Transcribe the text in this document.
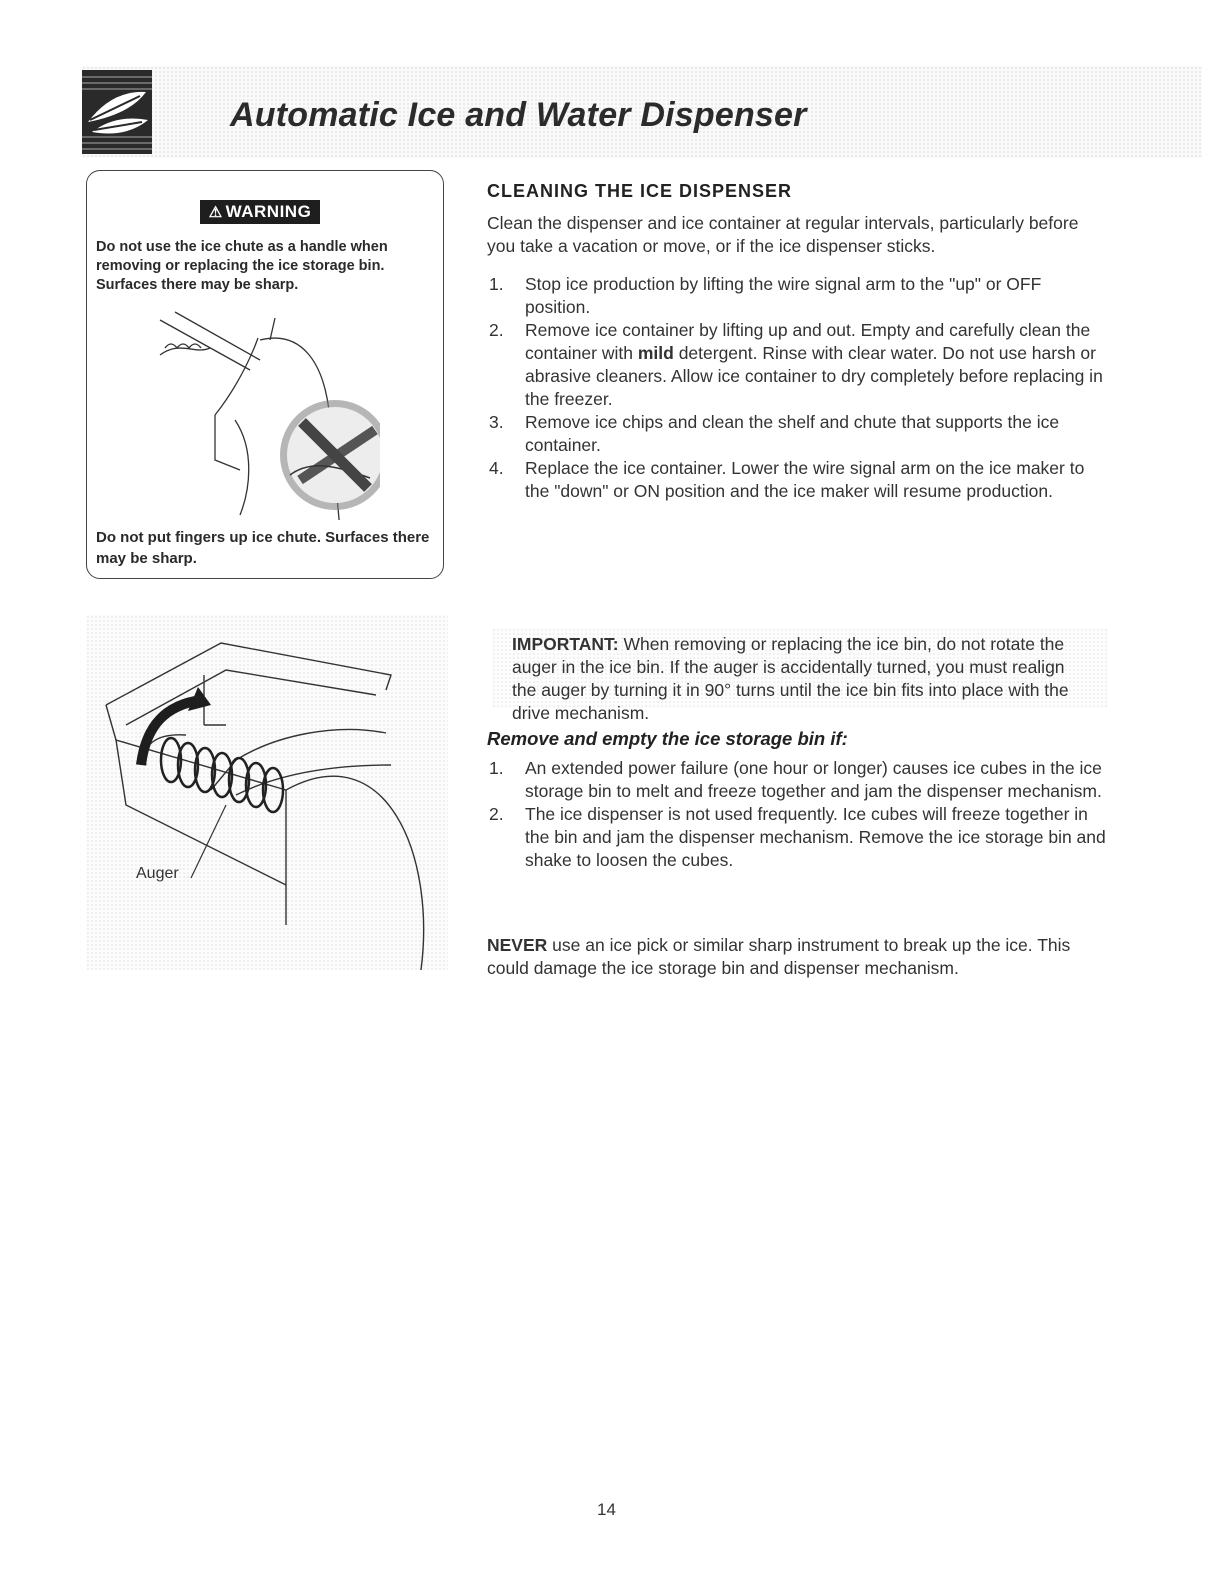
Automatic Ice and Water Dispenser
⚠ WARNING
Do not use the ice chute as a handle when removing or replacing the ice storage bin. Surfaces there may be sharp.
Do not put fingers up ice chute. Surfaces there may be sharp.
CLEANING THE ICE DISPENSER
Clean the dispenser and ice container at regular intervals, particularly before you take a vacation or move, or if the ice dispenser sticks.
1. Stop ice production by lifting the wire signal arm to the "up" or OFF position.
2. Remove ice container by lifting up and out. Empty and carefully clean the container with mild detergent. Rinse with clear water. Do not use harsh or abrasive cleaners. Allow ice container to dry completely before replacing in the freezer.
3. Remove ice chips and clean the shelf and chute that supports the ice container.
4. Replace the ice container. Lower the wire signal arm on the ice maker to the "down" or ON position and the ice maker will resume production.
Auger
IMPORTANT: When removing or replacing the ice bin, do not rotate the auger in the ice bin. If the auger is accidentally turned, you must realign the auger by turning it in 90° turns until the ice bin fits into place with the drive mechanism.
Remove and empty the ice storage bin if:
1. An extended power failure (one hour or longer) causes ice cubes in the ice storage bin to melt and freeze together and jam the dispenser mechanism.
2. The ice dispenser is not used frequently. Ice cubes will freeze together in the bin and jam the dispenser mechanism. Remove the ice storage bin and shake to loosen the cubes.
NEVER use an ice pick or similar sharp instrument to break up the ice. This could damage the ice storage bin and dispenser mechanism.
14
